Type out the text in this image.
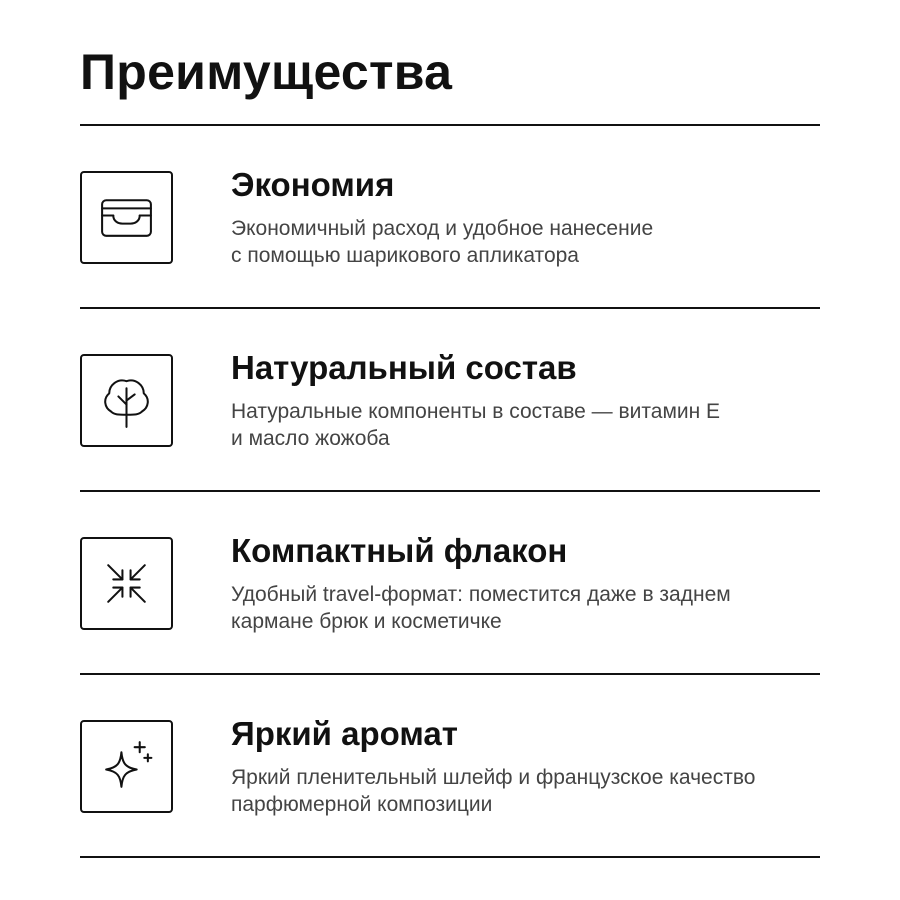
Преимущества
Экономия

Экономичный расход и удобное нанесение
с помощью шарикового апликатора

Натуральный состав

Натуральные компоненты в составе — витамин Е
и масло жожоба

Компактный флакон

Удобный travel-формат: поместится даже в заднем
кармане брюк и косметичке

Яркий аромат

Яркий пленительный шлейф и французское качество
парфюмерной композиции
